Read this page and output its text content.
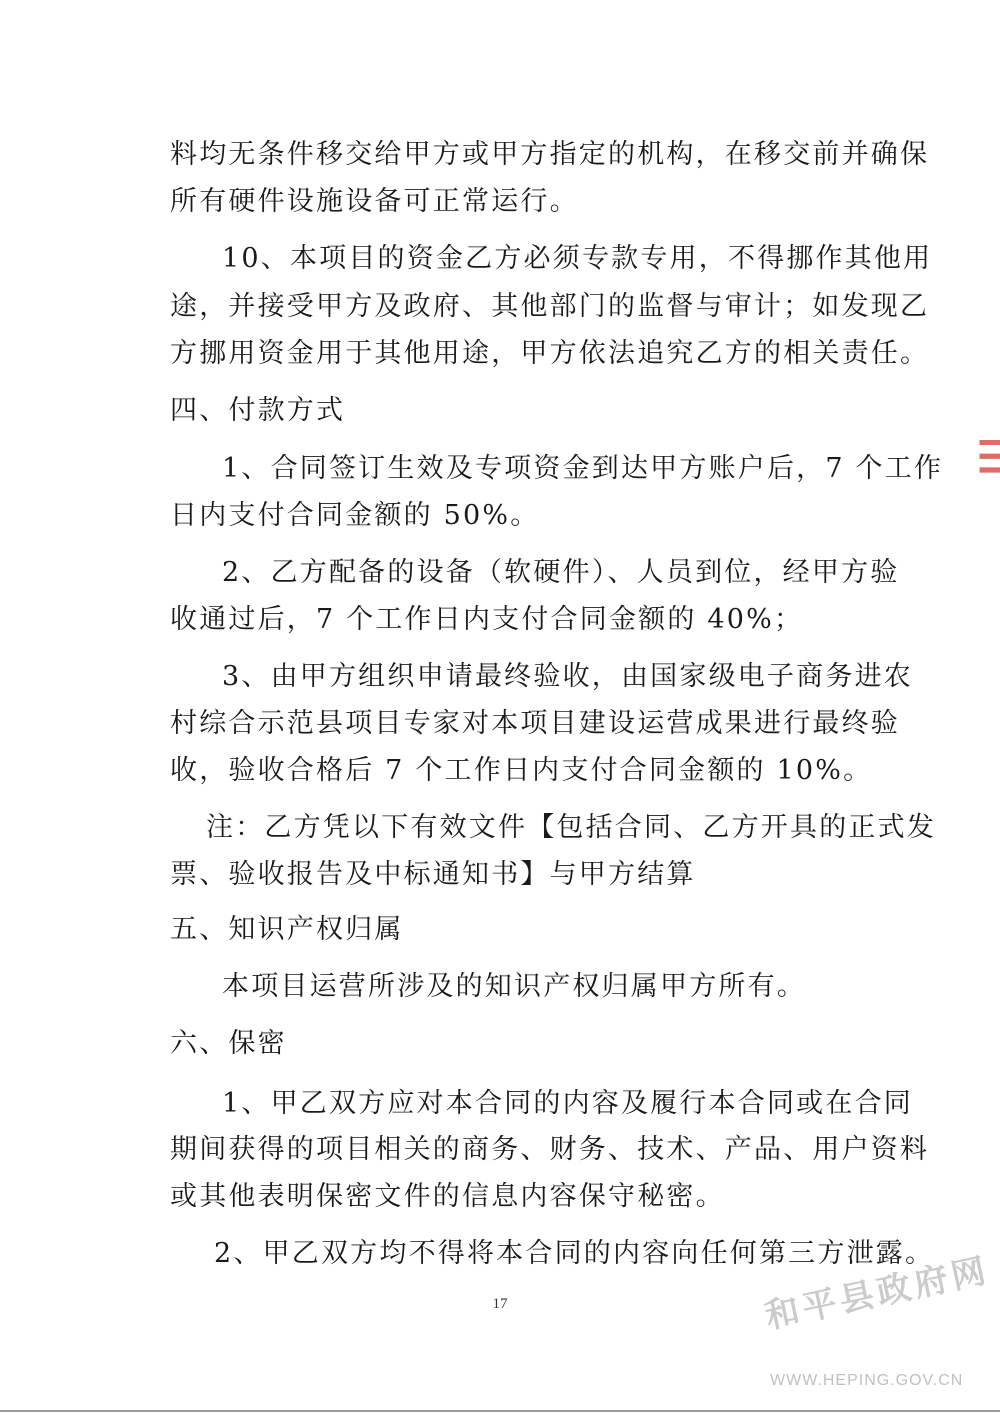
料均无条件移交给甲方或甲方指定的机构，在移交前并确保
所有硬件设施设备可正常运行。
10、本项目的资金乙方必须专款专用，不得挪作其他用
途，并接受甲方及政府、其他部门的监督与审计；如发现乙
方挪用资金用于其他用途，甲方依法追究乙方的相关责任。
四、付款方式
1、合同签订生效及专项资金到达甲方账户后，7 个工作
日内支付合同金额的 50%。
2、乙方配备的设备（软硬件）、人员到位，经甲方验
收通过后，7 个工作日内支付合同金额的 40%；
3、由甲方组织申请最终验收，由国家级电子商务进农
村综合示范县项目专家对本项目建设运营成果进行最终验
收，验收合格后 7 个工作日内支付合同金额的 10%。
注：乙方凭以下有效文件【包括合同、乙方开具的正式发
票、验收报告及中标通知书】与甲方结算
五、知识产权归属
本项目运营所涉及的知识产权归属甲方所有。
六、保密
1、甲乙双方应对本合同的内容及履行本合同或在合同
期间获得的项目相关的商务、财务、技术、产品、用户资料
或其他表明保密文件的信息内容保守秘密。
2、甲乙双方均不得将本合同的内容向任何第三方泄露。
17
▍▍▍
和平县政府网
WWW.HEPING.GOV.CN
